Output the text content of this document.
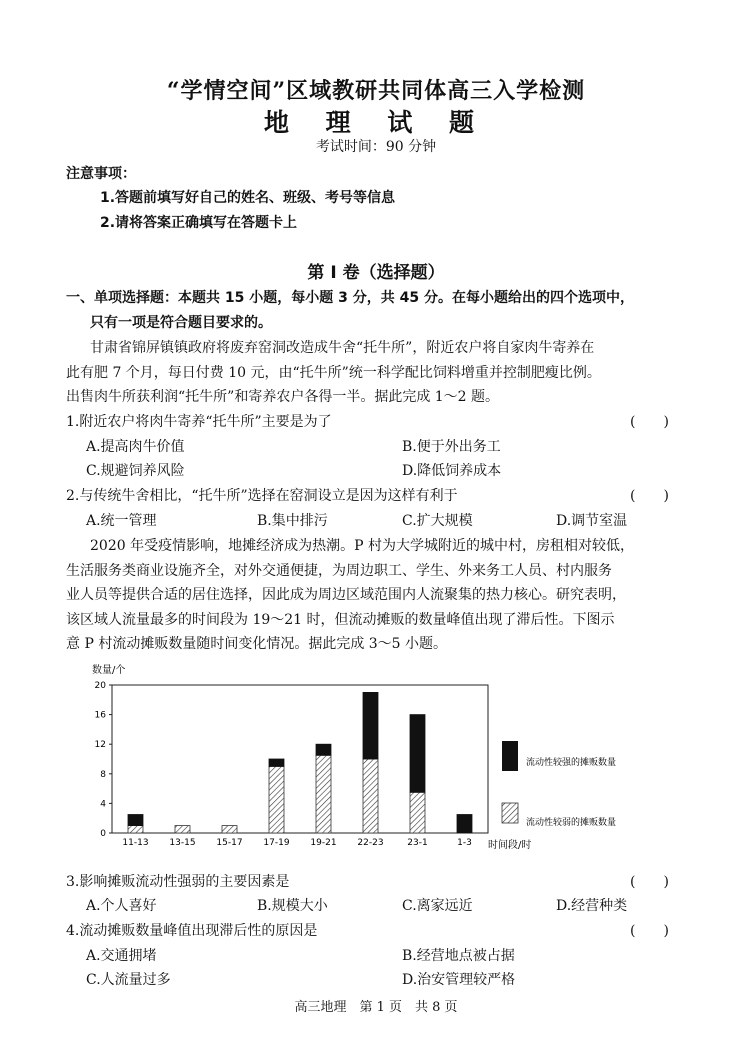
“学情空间”区域教研共同体高三入学检测
地 理 试 题
考试时间：90 分钟
注意事项：
1.答题前填写好自己的姓名、班级、考号等信息
2.请将答案正确填写在答题卡上
第 I 卷（选择题）
一、单项选择题：本题共 15 小题，每小题 3 分，共 45 分。在每小题给出的四个选项中，
只有一项是符合题目要求的。
甘肃省锦屏镇镇政府将废弃窑洞改造成牛舍“托牛所”，附近农户将自家肉牛寄养在
此有肥 7 个月，每日付费 10 元，由“托牛所”统一科学配比饲料增重并控制肥瘦比例。
出售肉牛所获利润“托牛所”和寄养农户各得一半。据此完成 1～2 题。
1.附近农户将肉牛寄养“托牛所”主要是为了	(　　)
A.提高肉牛价值	B.便于外出务工
C.规避饲养风险	D.降低饲养成本
2.与传统牛舍相比，“托牛所”选择在窑洞设立是因为这样有利于	(　　)
A.统一管理	B.集中排污	C.扩大规模	D.调节室温
2020 年受疫情影响，地摊经济成为热潮。P 村为大学城附近的城中村，房租相对较低，
生活服务类商业设施齐全，对外交通便捷，为周边职工、学生、外来务工人员、村内服务
业人员等提供合适的居住选择，因此成为周边区域范围内人流聚集的热力核心。研究表明，
该区域人流量最多的时间段为 19～21 时，但流动摊贩的数量峰值出现了滞后性。下图示
意 P 村流动摊贩数量随时间变化情况。据此完成 3～5 小题。
数量/个
时间段/时
0
4
8
12
16
20
11-13 13-15 15-17 17-19 19-21 22-23	23-1	1-3
流动性较强的摊贩数量
流动性较弱的摊贩数量
3.影响摊贩流动性强弱的主要因素是	(　　)
A.个人喜好	B.规模大小	C.离家远近	D.经营种类
4.流动摊贩数量峰值出现滞后性的原因是	(　　)
A.交通拥堵	B.经营地点被占据
C.人流量过多	D.治安管理较严格
高三地理　第 1 页　共 8 页
